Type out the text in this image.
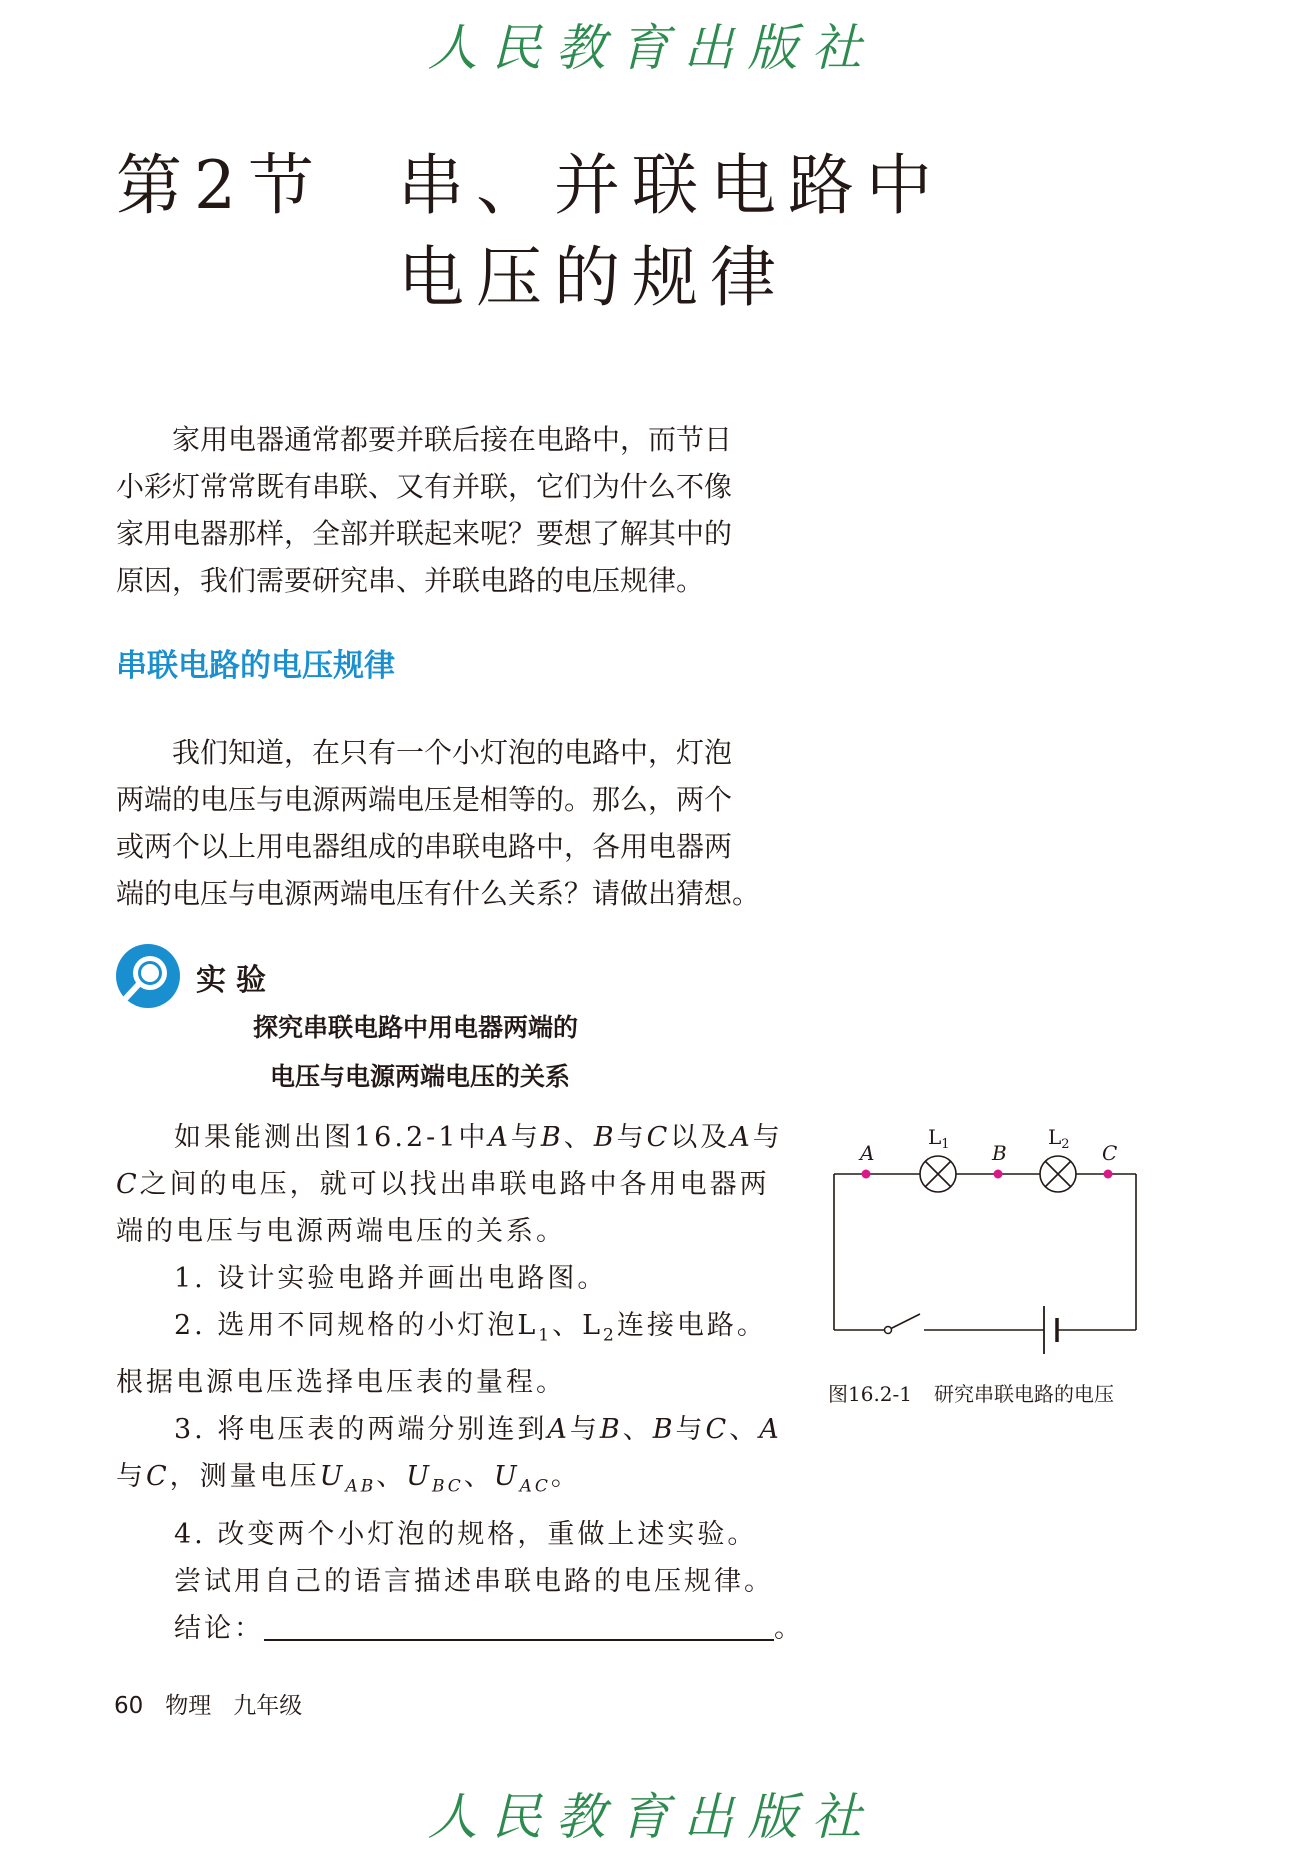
人民教育出版社
第2节 串、并联电路中
电压的规律
家用电器通常都要并联后接在电路中，而节日
小彩灯常常既有串联、又有并联，它们为什么不像
家用电器那样，全部并联起来呢？要想了解其中的
原因，我们需要研究串、并联电路的电压规律。
串联电路的电压规律
我们知道，在只有一个小灯泡的电路中，灯泡
两端的电压与电源两端电压是相等的。那么，两个
或两个以上用电器组成的串联电路中，各用电器两
端的电压与电源两端电压有什么关系？请做出猜想。
实验
探究串联电路中用电器两端的
电压与电源两端电压的关系
如果能测出图16.2-1中A与B、B与C以及A与
C之间的电压，就可以找出串联电路中各用电器两
端的电压与电源两端电压的关系。
1. 设计实验电路并画出电路图。
2. 选用不同规格的小灯泡$L_1$、$L_2$连接电路。
根据电源电压选择电压表的量程。
3. 将电压表的两端分别连到A与B、B与C、A
与C，测量电压$U_{AB}$、$U_{BC}$、$U_{AC}$。
4. 改变两个小灯泡的规格，重做上述实验。
尝试用自己的语言描述串联电路的电压规律。
结论：	。
A	B	C
$L_1$	$L_2$
图16.2-1 研究串联电路的电压
60 物理 九年级
人民教育出版社
